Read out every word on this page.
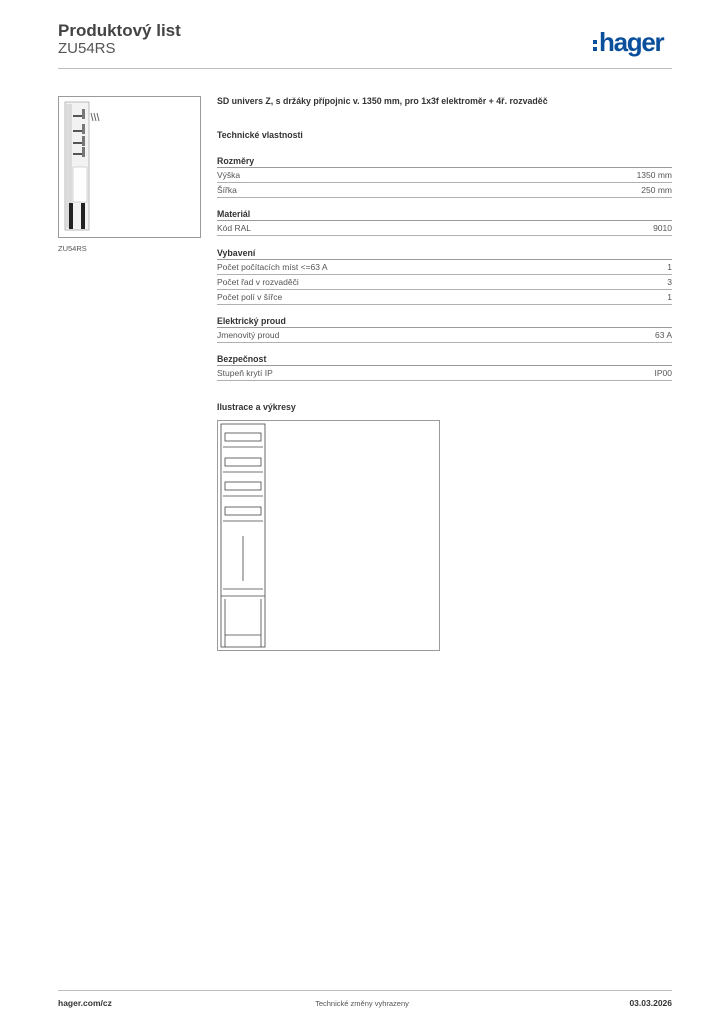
Produktový list
ZU54RS	hager
ZU54RS
SD univers Z, s držáky přípojnic v. 1350 mm, pro 1x3f elektroměr + 4ř. rozvaděč
Technické vlastnosti
Rozměry
Výška	1350 mm
Šířka	250 mm
Materiál
Kód RAL	9010
Vybavení
Počet počítacích míst <=63 A	1
Počet řad v rozvaděči	3
Počet polí v šířce	1
Elektrický proud
Jmenovitý proud	63 A
Bezpečnost
Stupeň krytí IP	IP00
Ilustrace a výkresy
hager.com/cz	Technické změny vyhrazeny	03.03.2026
